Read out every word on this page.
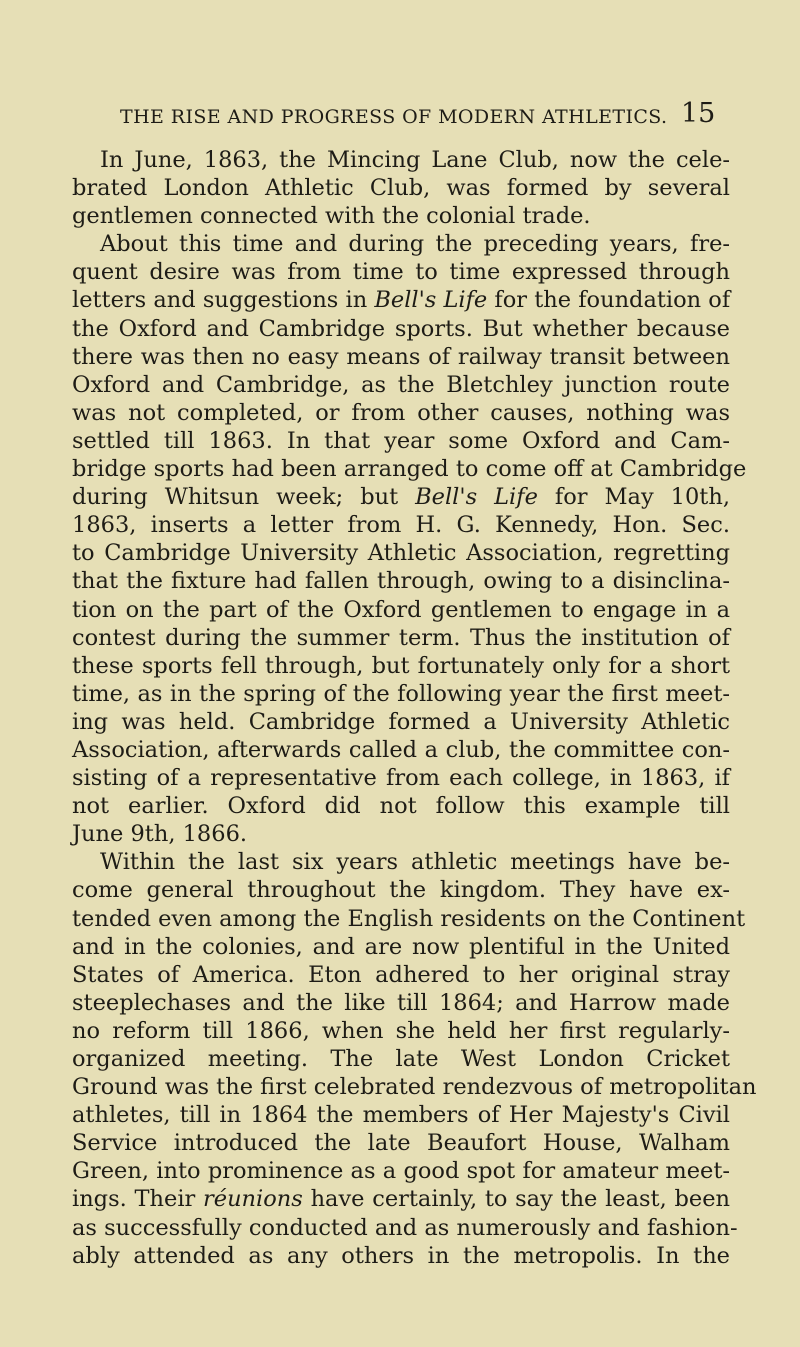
THE RISE AND PROGRESS OF MODERN ATHLETICS. 15
In June, 1863, the Mincing Lane Club, now the cele-
brated London Athletic Club, was formed by several
gentlemen connected with the colonial trade.
About this time and during the preceding years, fre-
quent desire was from time to time expressed through
letters and suggestions in Bell's Life for the foundation of
the Oxford and Cambridge sports. But whether because
there was then no easy means of railway transit between
Oxford and Cambridge, as the Bletchley junction route
was not completed, or from other causes, nothing was
settled till 1863. In that year some Oxford and Cam-
bridge sports had been arranged to come off at Cambridge
during Whitsun week; but Bell's Life for May 10th,
1863, inserts a letter from H. G. Kennedy, Hon. Sec.
to Cambridge University Athletic Association, regretting
that the fixture had fallen through, owing to a disinclina-
tion on the part of the Oxford gentlemen to engage in a
contest during the summer term. Thus the institution of
these sports fell through, but fortunately only for a short
time, as in the spring of the following year the first meet-
ing was held. Cambridge formed a University Athletic
Association, afterwards called a club, the committee con-
sisting of a representative from each college, in 1863, if
not earlier. Oxford did not follow this example till
June 9th, 1866.
Within the last six years athletic meetings have be-
come general throughout the kingdom. They have ex-
tended even among the English residents on the Continent
and in the colonies, and are now plentiful in the United
States of America. Eton adhered to her original stray
steeplechases and the like till 1864; and Harrow made
no reform till 1866, when she held her first regularly-
organized meeting. The late West London Cricket
Ground was the first celebrated rendezvous of metropolitan
athletes, till in 1864 the members of Her Majesty's Civil
Service introduced the late Beaufort House, Walham
Green, into prominence as a good spot for amateur meet-
ings. Their réunions have certainly, to say the least, been
as successfully conducted and as numerously and fashion-
ably attended as any others in the metropolis. In the
